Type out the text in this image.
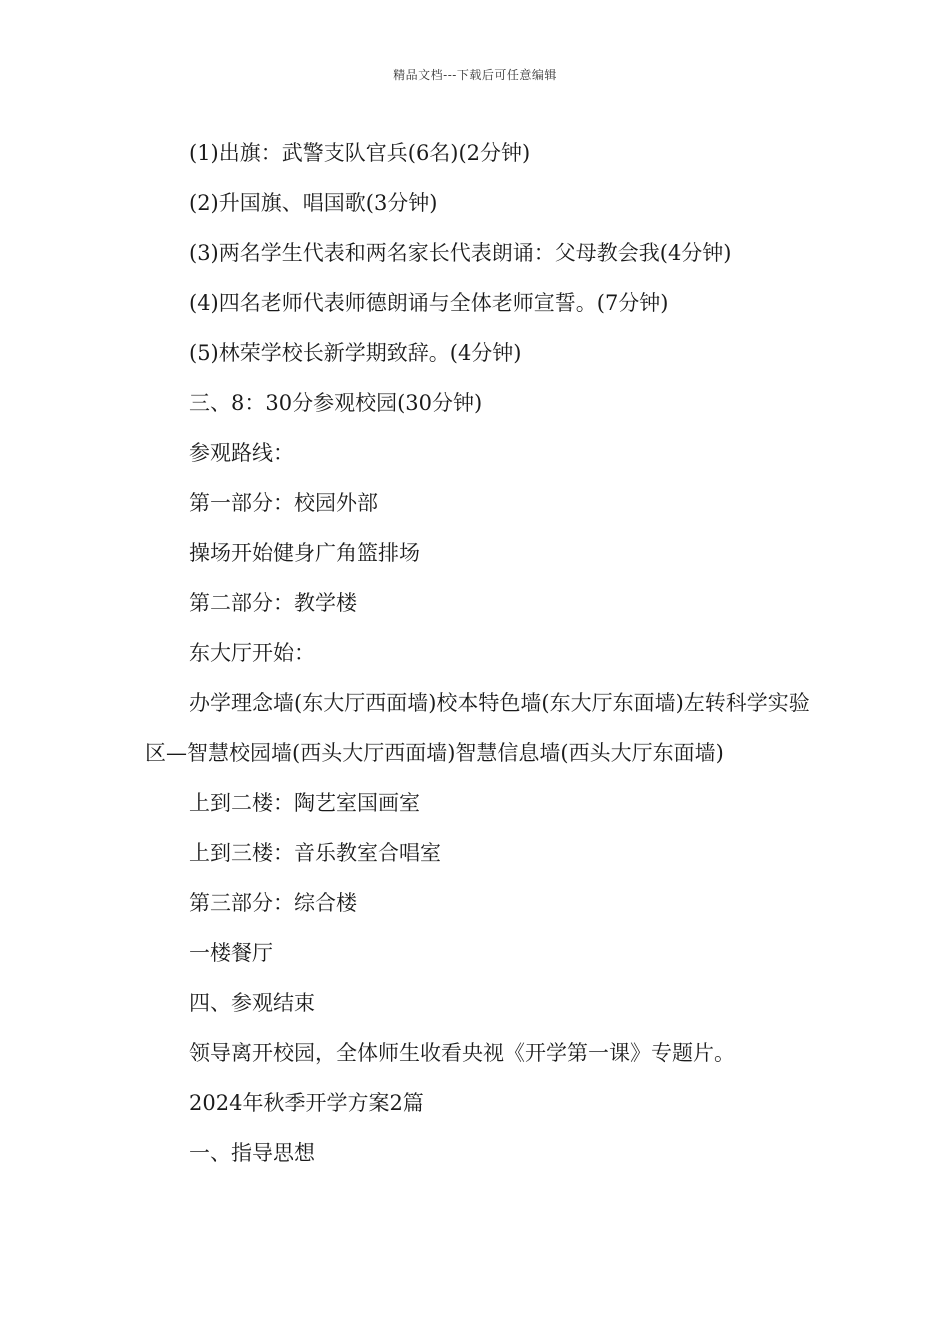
精品文档---下载后可任意编辑

(1)出旗：武警支队官兵(6名)(2分钟)

(2)升国旗、唱国歌(3分钟)

(3)两名学生代表和两名家长代表朗诵：父母教会我(4分钟)

(4)四名老师代表师德朗诵与全体老师宣誓。(7分钟)

(5)林荣学校长新学期致辞。(4分钟)

三、8：30分参观校园(30分钟)

参观路线：

第一部分：校园外部

操场开始健身广角篮排场

第二部分：教学楼

东大厅开始：

办学理念墙(东大厅西面墙)校本特色墙(东大厅东面墙)左转科学实验区—智慧校园墙(西头大厅西面墙)智慧信息墙(西头大厅东面墙)

上到二楼：陶艺室国画室

上到三楼：音乐教室合唱室

第三部分：综合楼

一楼餐厅

四、参观结束

领导离开校园，全体师生收看央视《开学第一课》专题片。

2024年秋季开学方案2篇

一、指导思想
